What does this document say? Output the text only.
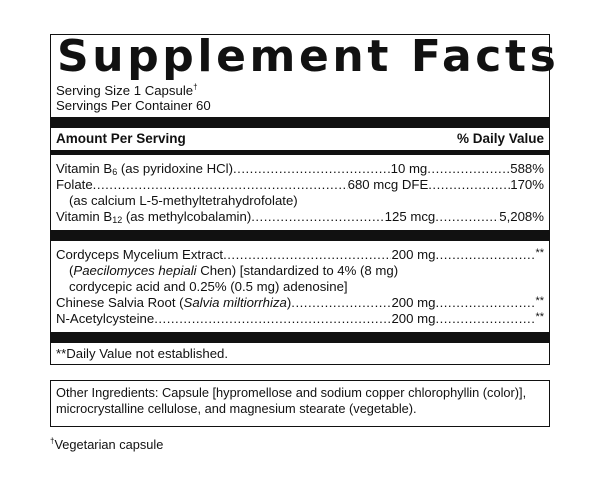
Supplement Facts
Serving Size 1 Capsule†
Servings Per Container 60
Amount Per Serving	% Daily Value
Vitamin $B_6$ (as pyridoxine HCl) .....	10 mg .....	588%
Folate .....	680 mcg DFE .....	170%
(as calcium L-5-methyltetrahydrofolate)
Vitamin $B_{12}$ (as methylcobalamin) .....	125 mcg .....	5,208%
Cordyceps Mycelium Extract .....	200 mg .....	**
(Paecilomyces hepiali Chen) [standardized to 4% (8 mg)
cordycepic acid and 0.25% (0.5 mg) adenosine]
Chinese Salvia Root (Salvia miltiorrhiza) .....	200 mg .....	**
N-Acetylcysteine .....	200 mg .....	**
**Daily Value not established.
Other Ingredients: Capsule [hypromellose and sodium copper chlorophyllin (color)], microcrystalline cellulose, and magnesium stearate (vegetable).
†Vegetarian capsule
